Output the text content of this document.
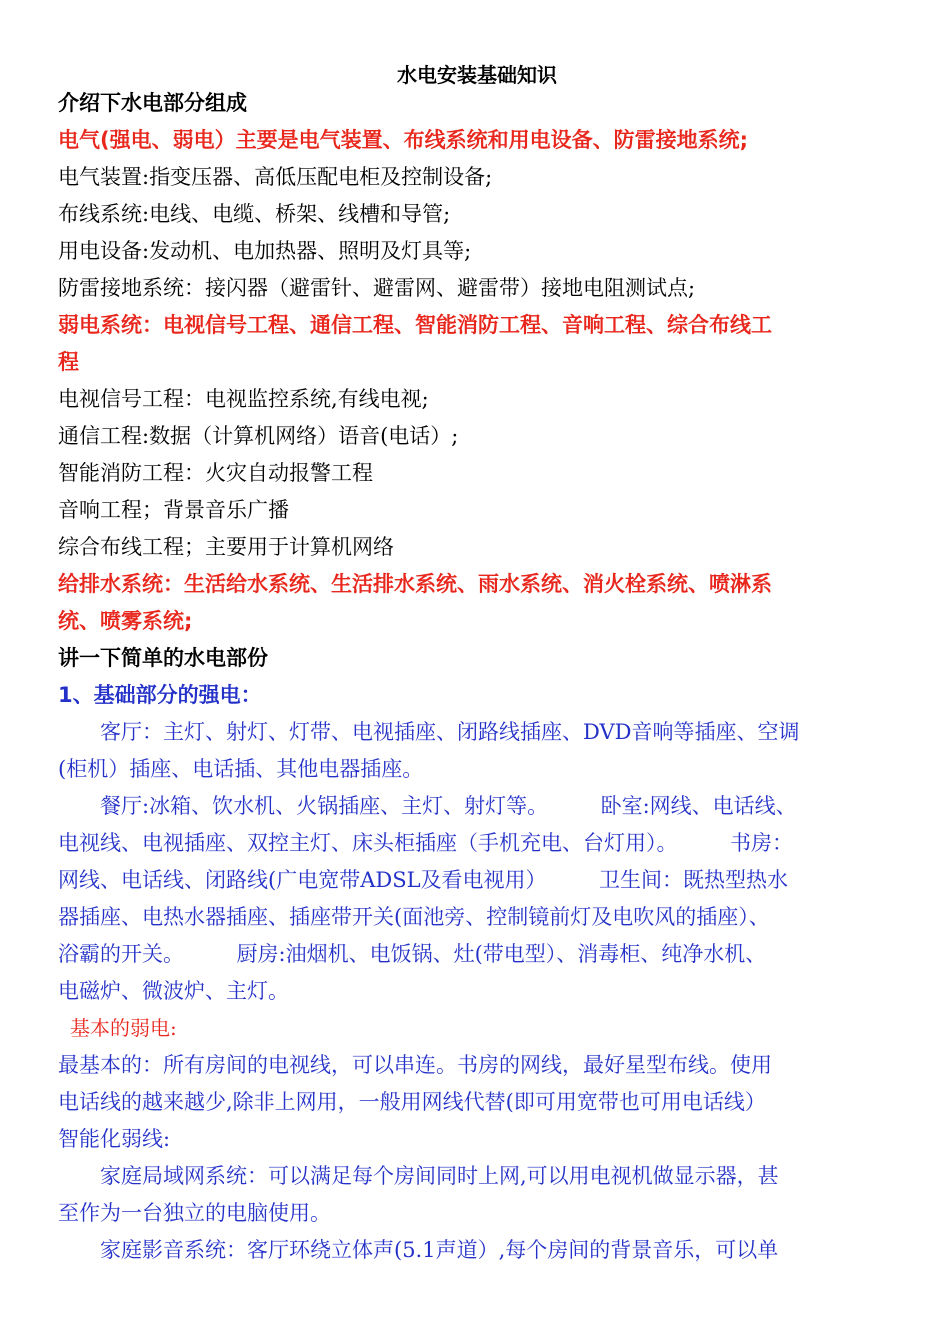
水电安装基础知识

介绍下水电部分组成

电气(强电、弱电）主要是电气装置、布线系统和用电设备、防雷接地系统;

电气装置:指变压器、高低压配电柜及控制设备;

布线系统:电线、电缆、桥架、线槽和导管;

用电设备:发动机、电加热器、照明及灯具等;

防雷接地系统：接闪器（避雷针、避雷网、避雷带）接地电阻测试点;

弱电系统：电视信号工程、通信工程、智能消防工程、音响工程、综合布线工

程

电视信号工程：电视监控系统,有线电视;

通信工程:数据（计算机网络）语音(电话）;

智能消防工程：火灾自动报警工程

音响工程；背景音乐广播

综合布线工程；主要用于计算机网络

给排水系统：生活给水系统、生活排水系统、雨水系统、消火栓系统、喷淋系

统、喷雾系统;

讲一下简单的水电部份

1、基础部分的强电：

客厅：主灯、射灯、灯带、电视插座、闭路线插座、DVD音响等插座、空调

(柜机）插座、电话插、其他电器插座。

餐厅:冰箱、饮水机、火锅插座、主灯、射灯等。　　　卧室:网线、电话线、

电视线、电视插座、双控主灯、床头柜插座（手机充电、台灯用）。　　　书房：

网线、电话线、闭路线(广电宽带ADSL及看电视用）　　　卫生间：既热型热水

器插座、电热水器插座、插座带开关(面池旁、控制镜前灯及电吹风的插座）、

浴霸的开关。　　　厨房:油烟机、电饭锅、灶(带电型）、消毒柜、纯净水机、

电磁炉、微波炉、主灯。

基本的弱电:

最基本的：所有房间的电视线，可以串连。书房的网线，最好星型布线。使用

电话线的越来越少,除非上网用，一般用网线代替(即可用宽带也可用电话线）

智能化弱线:

家庭局域网系统：可以满足每个房间同时上网,可以用电视机做显示器，甚

至作为一台独立的电脑使用。

家庭影音系统：客厅环绕立体声(5.1声道）,每个房间的背景音乐，可以单
